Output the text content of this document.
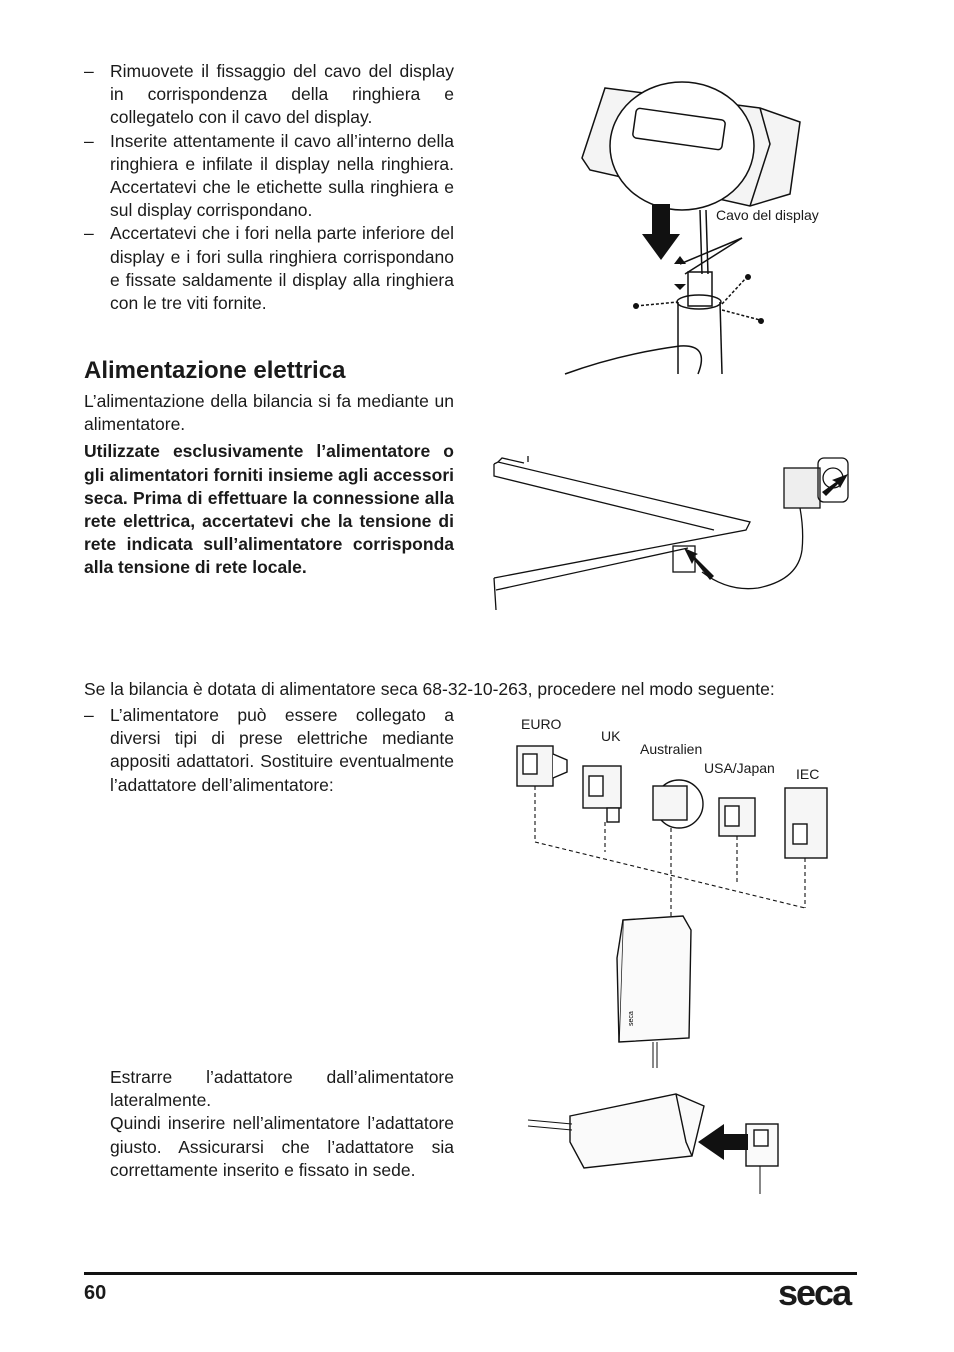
– Rimuovete il fissaggio del cavo del display in corrispondenza della ringhiera e collegatelo con il cavo del display.
– Inserite attentamente il cavo all’interno della ringhiera e infilate il display nella ringhiera. Accertatevi che le etichette sulla ringhiera e sul display corrispondano.
– Accertatevi che i fori nella parte inferiore del display e i fori sulla ringhiera corrispondano e fissate saldamente il display alla ringhiera con le tre viti fornite.
Cavo del display
Alimentazione elettrica

L’alimentazione della bilancia si fa mediante un alimentatore.

Utilizzate esclusivamente l’alimentatore o gli alimentatori forniti insieme agli accessori seca. Prima di effettuare la connessione alla rete elettrica, accertatevi che la tensione di rete indicata sull’alimentatore corrisponda alla tensione di rete locale.

Se la bilancia è dotata di alimentatore seca 68-32-10-263, procedere nel modo seguente:
– L’alimentatore può essere collegato a diversi tipi di prese elettriche mediante appositi adattatori. Sostituire eventualmente l’adattatore dell’alimentatore:
EURO
UK
Australien
USA/Japan IEC
seca

Estrarre l’adattatore dall’alimentatore lateralmente.

Quindi inserire nell’alimentatore l’adattatore giusto. Assicurarsi che l’adattatore sia correttamente inserito e fissato in sede.

60	seca
